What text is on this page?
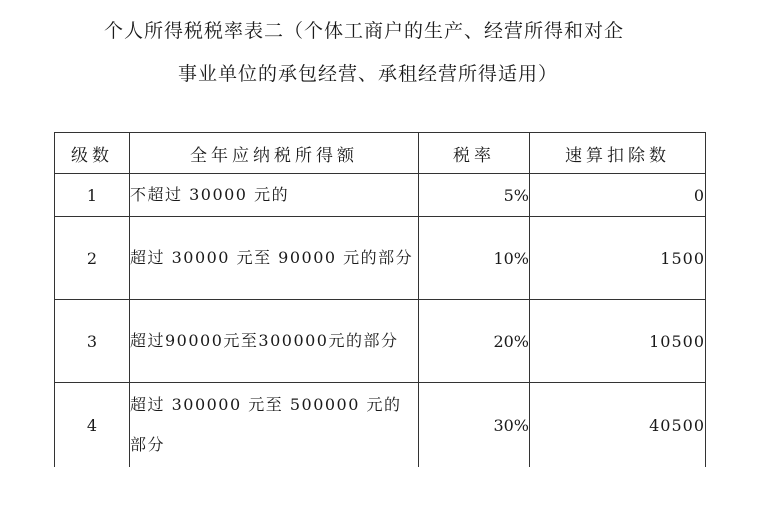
个人所得税税率表二（个体工商户的生产、经营所得和对企
事业单位的承包经营、承租经营所得适用）
级数	全年应纳税所得额	税率	速算扣除数
1	不超过 30000 元的	5%	0
2	超过 30000 元至 90000 元的部分	10%	1500
3	超过90000元至300000元的部分	20%	10500
4	超过 300000 元至 500000 元的部分	30%	40500
